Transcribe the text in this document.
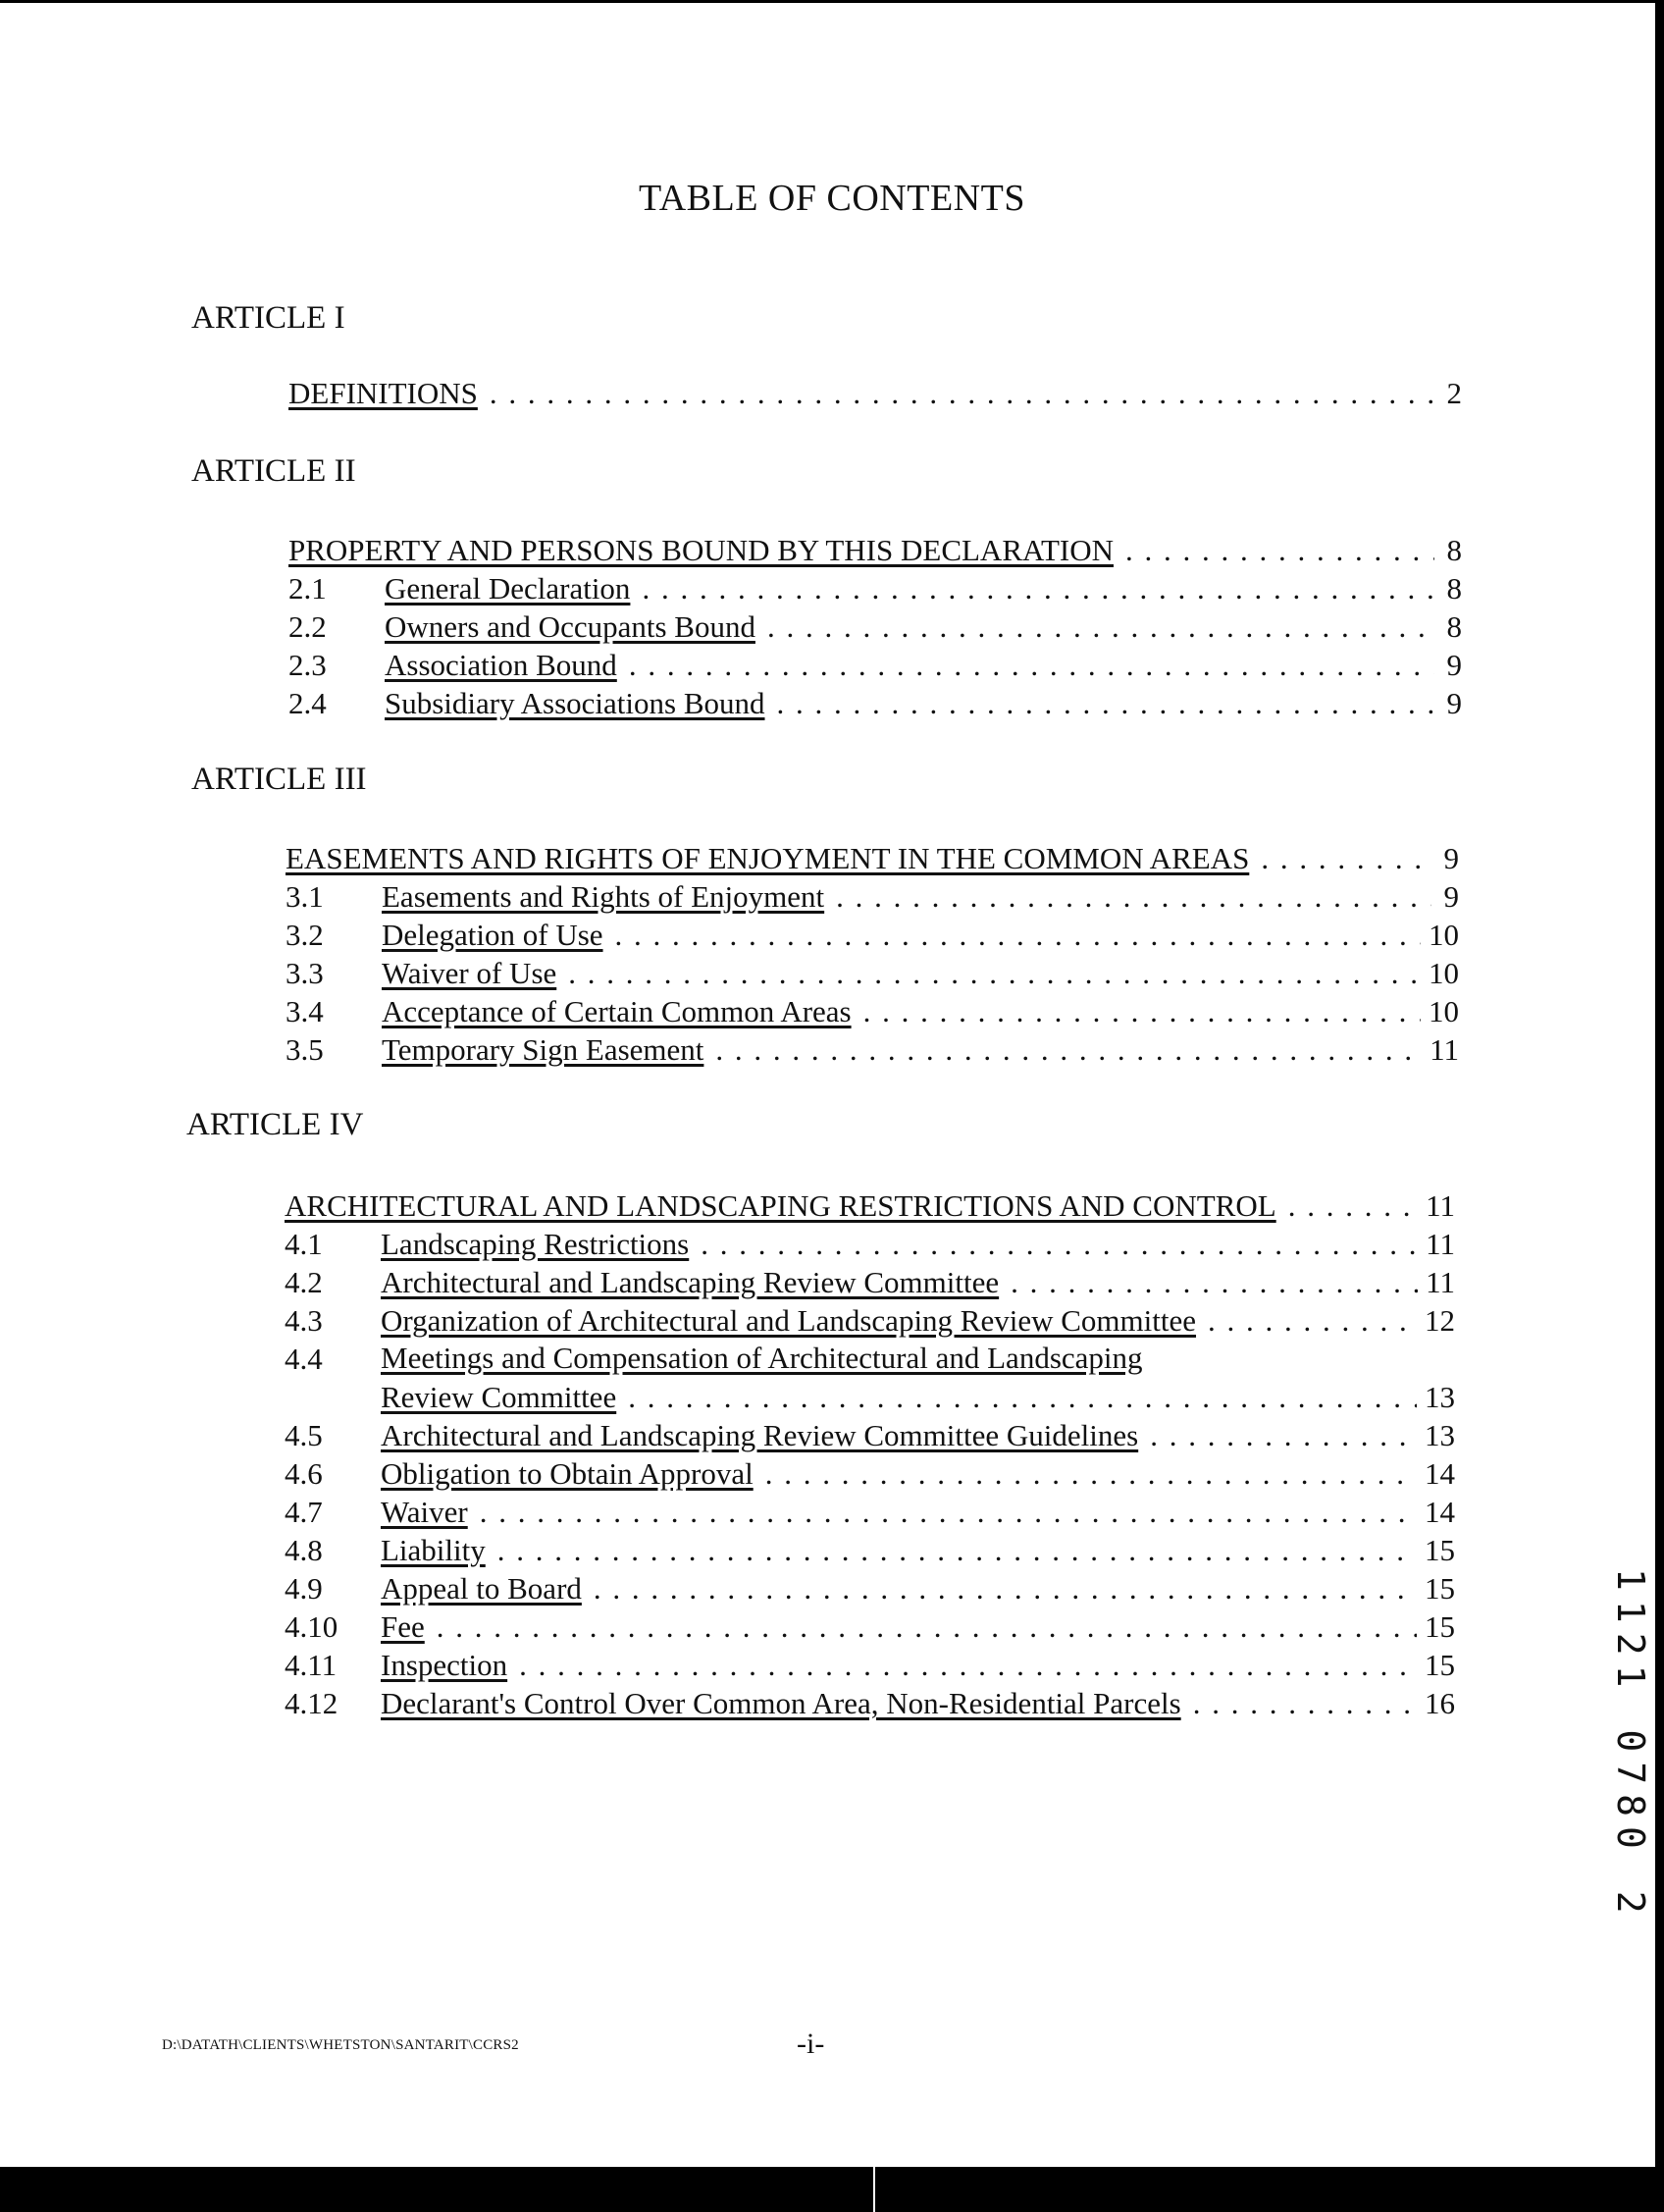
TABLE OF CONTENTS
ARTICLE I
DEFINITIONS . . .	2
ARTICLE II
PROPERTY AND PERSONS BOUND BY THIS DECLARATION . . .	8
2.1	General Declaration . . .	8
2.2	Owners and Occupants Bound . . .	8
2.3	Association Bound . . .	9
2.4	Subsidiary Associations Bound . . .	9
ARTICLE III
EASEMENTS AND RIGHTS OF ENJOYMENT IN THE COMMON AREAS . . .	9
3.1	Easements and Rights of Enjoyment . . .	9
3.2	Delegation of Use . . .	10
3.3	Waiver of Use . . .	10
3.4	Acceptance of Certain Common Areas . . .	10
3.5	Temporary Sign Easement . . .	11
ARTICLE IV
ARCHITECTURAL AND LANDSCAPING RESTRICTIONS AND CONTROL . . .	11
4.1	Landscaping Restrictions . . .	11
4.2	Architectural and Landscaping Review Committee . . .	11
4.3	Organization of Architectural and Landscaping Review Committee . . .	12
4.4	Meetings and Compensation of Architectural and Landscaping
Review Committee . . .	13
4.5	Architectural and Landscaping Review Committee Guidelines . . .	13
4.6	Obligation to Obtain Approval . . .	14
4.7	Waiver . . .	14
4.8	Liability . . .	15
4.9	Appeal to Board . . .	15
4.10	Fee . . .	15
4.11	Inspection . . .	15
4.12	Declarant's Control Over Common Area, Non-Residential Parcels . . .	16	1121 0780 2
D:\DATATH\CLIENTS\WHETSTON\SANTARIT\CCRS2	-i-
